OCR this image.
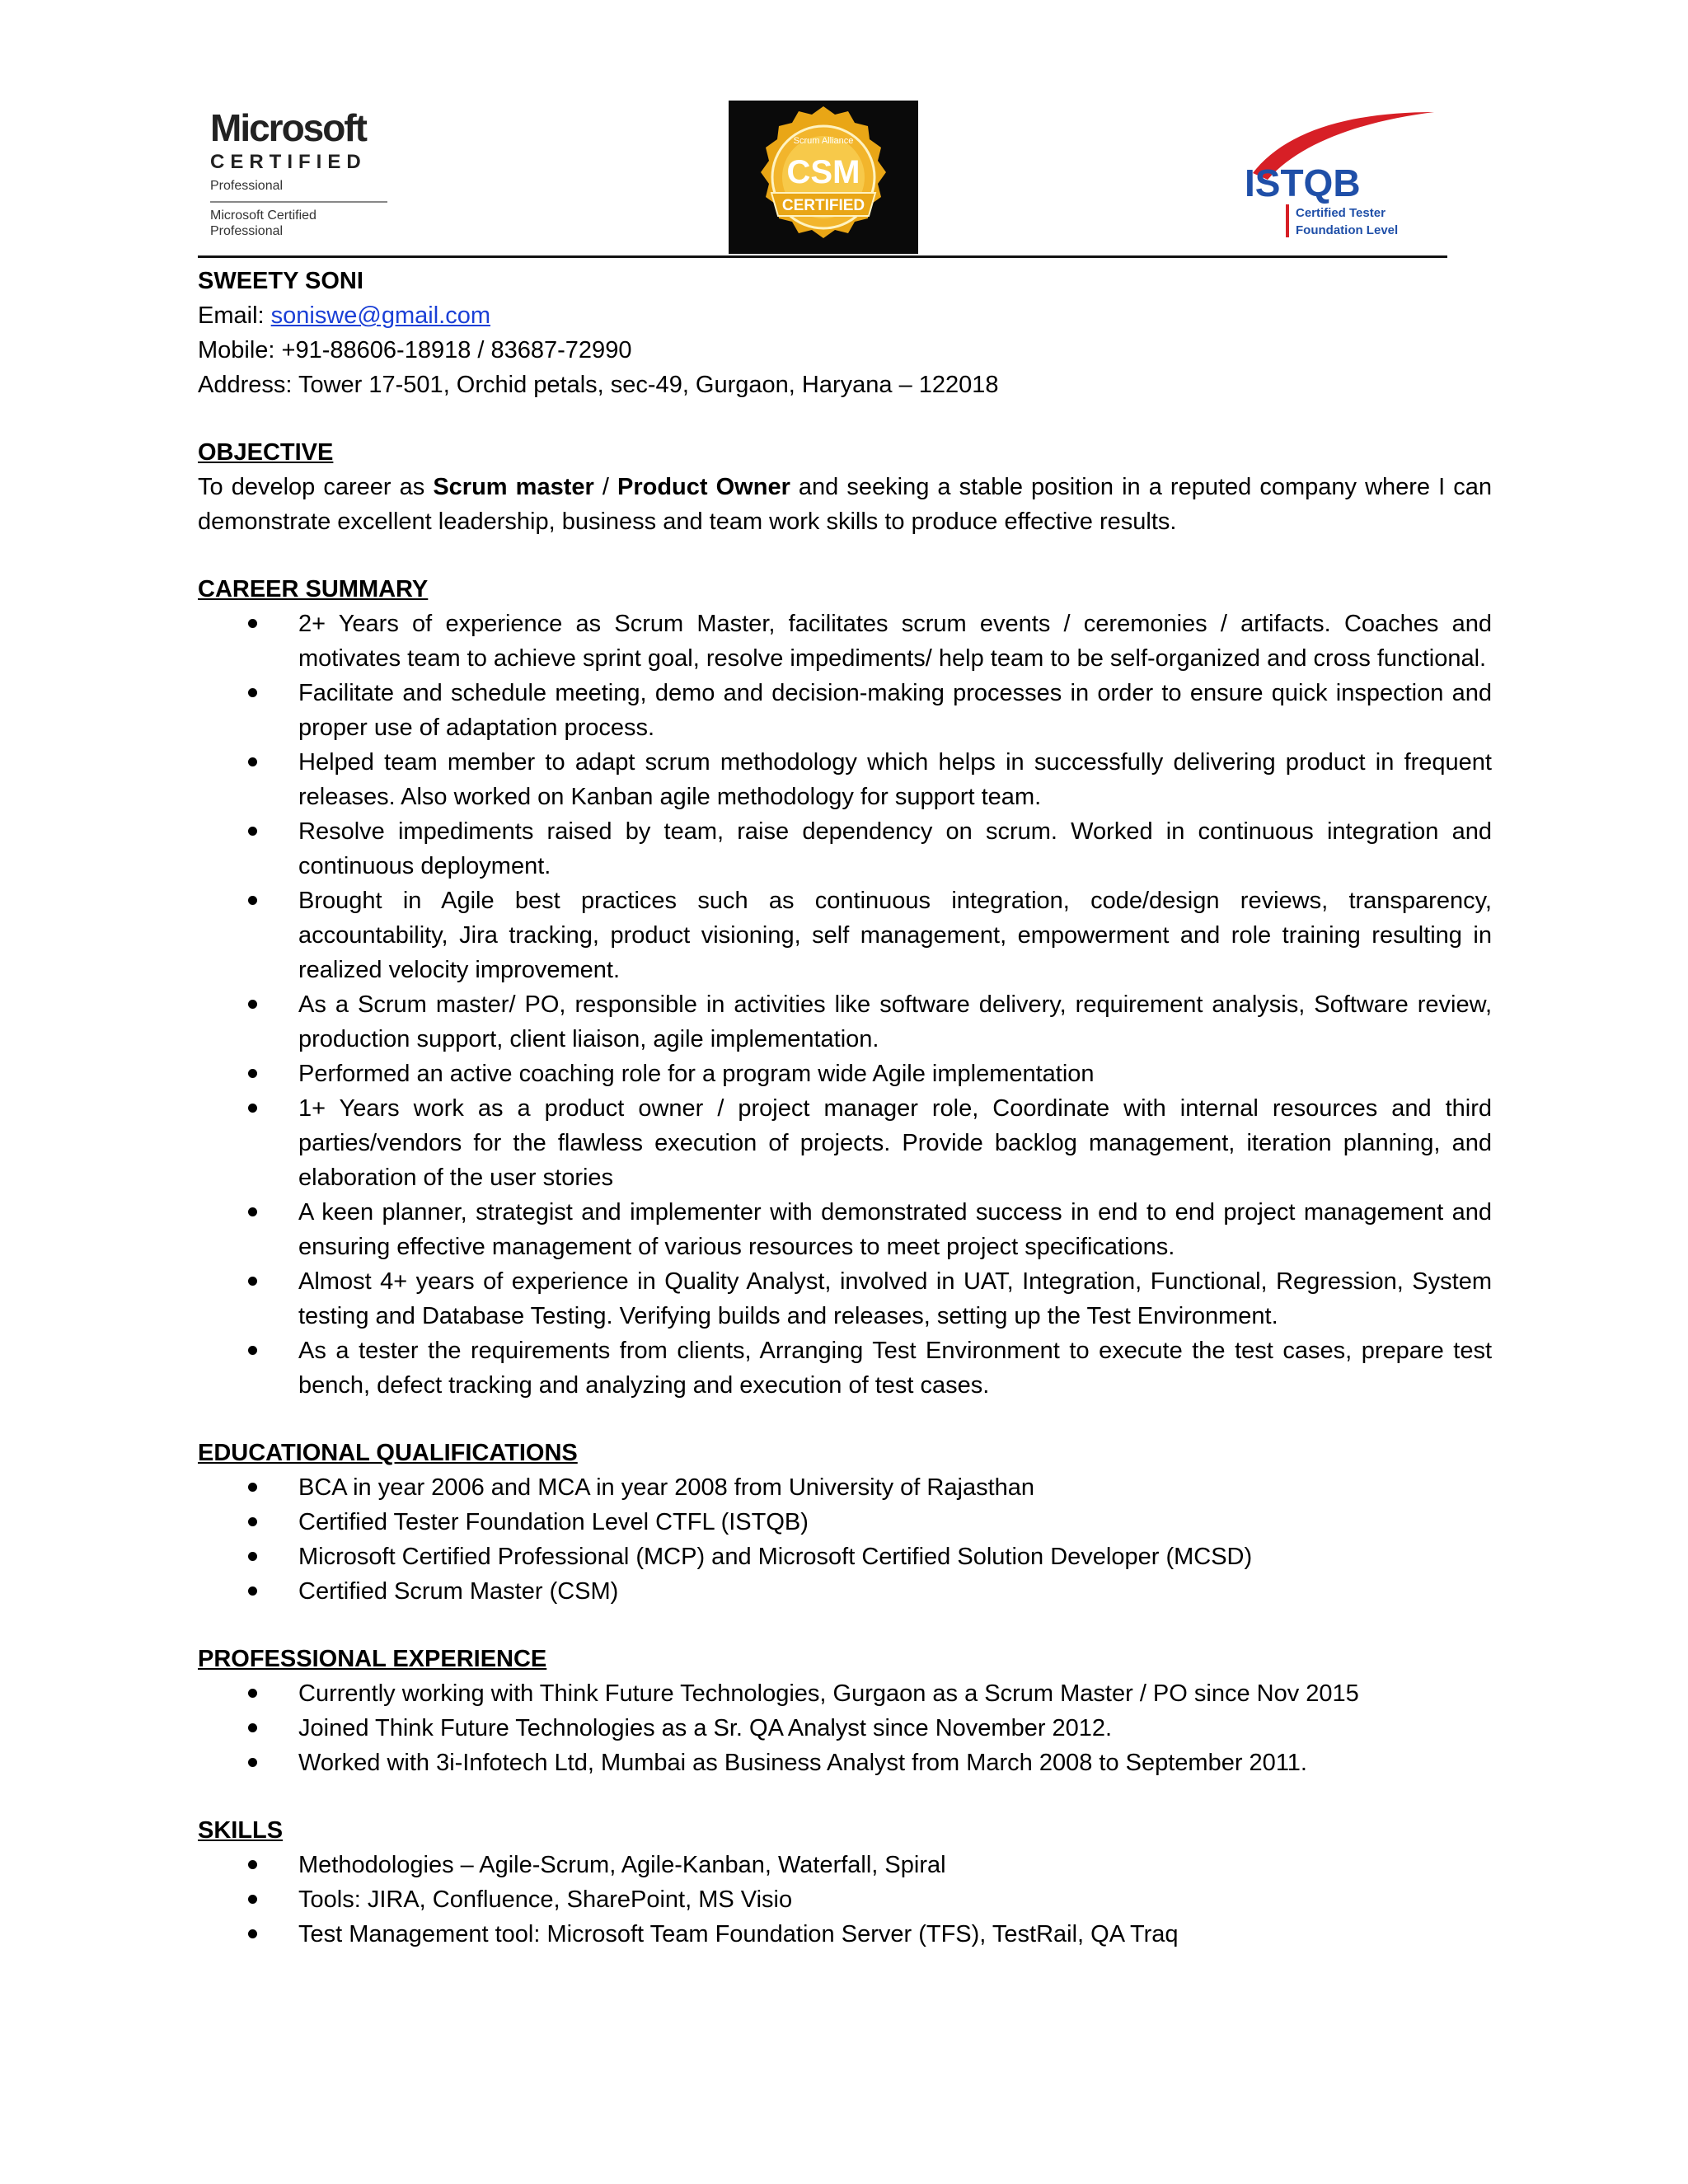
Microsoft
CERTIFIED
Professional
Microsoft Certified
Professional
Scrum Alliance
CSM
CERTIFIED
ISTQB
Certified Tester
Foundation Level
SWEETY SONI
Email: soniswe@gmail.com
Mobile: +91-88606-18918 / 83687-72990
Address: Tower 17-501, Orchid petals, sec-49, Gurgaon, Haryana – 122018
OBJECTIVE
To develop career as Scrum master / Product Owner and seeking a stable position in a reputed company where I can demonstrate excellent leadership, business and team work skills to produce effective results.
CAREER SUMMARY
2+ Years of experience as Scrum Master, facilitates scrum events / ceremonies / artifacts. Coaches and motivates team to achieve sprint goal, resolve impediments/ help team to be self-organized and cross functional.
Facilitate and schedule meeting, demo and decision-making processes in order to ensure quick inspection and proper use of adaptation process.
Helped team member to adapt scrum methodology which helps in successfully delivering product in frequent releases. Also worked on Kanban agile methodology for support team.
Resolve impediments raised by team, raise dependency on scrum. Worked in continuous integration and continuous deployment.
Brought in Agile best practices such as continuous integration, code/design reviews, transparency, accountability, Jira tracking, product visioning, self management, empowerment and role training resulting in realized velocity improvement.
As a Scrum master/ PO, responsible in activities like software delivery, requirement analysis, Software review, production support, client liaison, agile implementation.
Performed an active coaching role for a program wide Agile implementation
1+ Years work as a product owner / project manager role, Coordinate with internal resources and third parties/vendors for the flawless execution of projects. Provide backlog management, iteration planning, and elaboration of the user stories
A keen planner, strategist and implementer with demonstrated success in end to end project management and ensuring effective management of various resources to meet project specifications.
Almost 4+ years of experience in Quality Analyst, involved in UAT, Integration, Functional, Regression, System testing and Database Testing. Verifying builds and releases, setting up the Test Environment.
As a tester the requirements from clients, Arranging Test Environment to execute the test cases, prepare test bench, defect tracking and analyzing and execution of test cases.
EDUCATIONAL QUALIFICATIONS
BCA in year 2006 and MCA in year 2008 from University of Rajasthan
Certified Tester Foundation Level CTFL (ISTQB)
Microsoft Certified Professional (MCP) and Microsoft Certified Solution Developer (MCSD)
Certified Scrum Master (CSM)
PROFESSIONAL EXPERIENCE
Currently working with Think Future Technologies, Gurgaon as a Scrum Master / PO since Nov 2015
Joined Think Future Technologies as a Sr. QA Analyst since November 2012.
Worked with 3i-Infotech Ltd, Mumbai as Business Analyst from March 2008 to September 2011.
SKILLS
Methodologies – Agile-Scrum, Agile-Kanban, Waterfall, Spiral
Tools: JIRA, Confluence, SharePoint, MS Visio
Test Management tool: Microsoft Team Foundation Server (TFS), TestRail, QA Traq
